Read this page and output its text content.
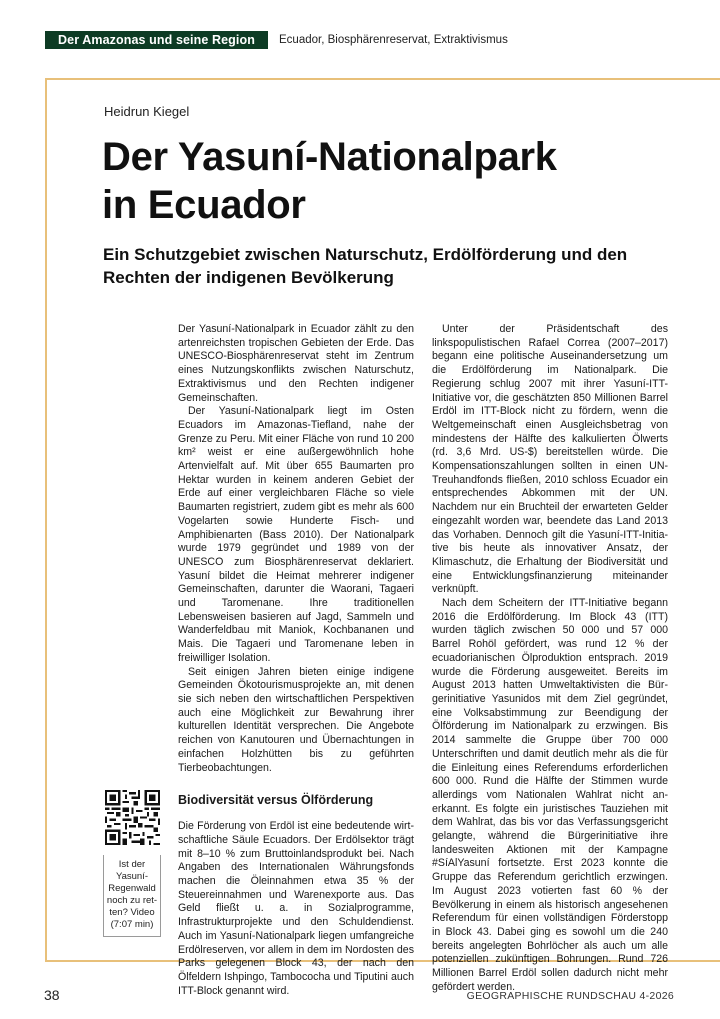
Der Amazonas und seine Region	Ecuador, Biosphärenreservat, Extraktivismus
Heidrun Kiegel
Der Yasuní-Nationalpark
in Ecuador
Ein Schutzgebiet zwischen Naturschutz, Erdölförderung und den Rechten der indigenen Bevölkerung

Der Yasuní-Nationalpark in Ecuador zählt zu den artenreichsten tropischen Gebieten der Erde. Das UNESCO-Biosphärenreservat steht im Zentrum eines Nutzungskonflikts zwischen Naturschutz, Extraktivismus und den Rechten indigener Gemeinschaften.

Der Yasuní-Nationalpark liegt im Osten Ecuadors im Amazonas-Tiefland, nahe der Grenze zu Peru. Mit einer Fläche von rund 10 200 km² weist er eine außergewöhnlich hohe Artenvielfalt auf. Mit über 655 Baumarten pro Hektar wurden in keinem anderen Gebiet der Erde auf einer vergleichbaren Fläche so viele Baumarten registriert, zudem gibt es mehr als 600 Vogelarten sowie Hunderte Fisch- und Amphibienarten (Bass 2010). Der Nationalpark wurde 1979 gegründet und 1989 von der UNESCO zum Biosphärenreservat deklariert. Yasuní bildet die Heimat mehrerer indigener Gemeinschaften, darunter die Waorani, Tagaeri und Taromenane. Ihre traditionellen Lebensweisen basieren auf Jagd, Sammeln und Wanderfeldbau mit Maniok, Kochbananen und Mais. Die Tagaeri und Taromenane leben in freiwilliger Isolation.

Seit einigen Jahren bieten einige indigene Gemeinden Ökotourismusprojekte an, mit denen sie sich neben den wirtschaftlichen Perspektiven auch eine Möglichkeit zur Bewahrung ihrer kulturellen Identität versprechen. Die Angebote reichen von Kanutouren und Übernachtungen in einfachen Holzhütten bis zu geführten Tierbeobachtungen.

Biodiversität versus Ölförderung

Die Förderung von Erdöl ist eine bedeutende wirtschaftliche Säule Ecuadors. Der Erdölsektor trägt mit 8–10 % zum Bruttoinlandsprodukt bei. Nach Angaben des Internationalen Währungsfonds machen die Öleinnahmen etwa 35 % der Steuereinnahmen und Warenexporte aus. Das Geld fließt u. a. in Sozialprogramme, Infrastrukturprojekte und den Schuldendienst. Auch im Yasuní-Nationalpark liegen umfangreiche Erdölreserven, vor allem in dem im Nordosten des Parks gelegenen Block 43, der nach den Ölfeldern Ishpingo, Tambococha und Tiputini auch ITT-Block genannt wird.

Unter der Präsidentschaft des linkspopulistischen Rafael Correa (2007–2017) begann eine politische Auseinandersetzung um die Erdölförderung im Nationalpark. Die Regierung schlug 2007 mit ihrer Yasuní-ITT-Initiative vor, die geschätzten 850 Millionen Barrel Erdöl im ITT-Block nicht zu fördern, wenn die Weltgemeinschaft einen Ausgleichsbetrag von mindestens der Hälfte des kalkulierten Ölwerts (rd. 3,6 Mrd. US-$) bereitstellen würde. Die Kompensationszahlungen sollten in einen UN-Treuhandfonds fließen, 2010 schloss Ecuador ein entsprechendes Abkommen mit der UN. Nachdem nur ein Bruchteil der erwarteten Gelder eingezahlt worden war, beendete das Land 2013 das Vorhaben. Dennoch gilt die Yasuní-ITT-Initiative bis heute als innovativer Ansatz, der Klimaschutz, die Erhaltung der Biodiversität und eine Entwicklungsfinanzierung miteinander verknüpft.

Nach dem Scheitern der ITT-Initiative begann 2016 die Erdölförderung. Im Block 43 (ITT) wurden täglich zwischen 50 000 und 57 000 Barrel Rohöl gefördert, was rund 12 % der ecuadorianischen Ölproduktion entsprach. 2019 wurde die Förderung ausgeweitet. Bereits im August 2013 hatten Umweltaktivisten die Bürgerinitiative Yasunidos mit dem Ziel gegründet, eine Volksabstimmung zur Beendigung der Ölförderung im Nationalpark zu erzwingen. Bis 2014 sammelte die Gruppe über 700 000 Unterschriften und damit deutlich mehr als die für die Einleitung eines Referendums erforderlichen 600 000. Rund die Hälfte der Stimmen wurde allerdings vom Nationalen Wahlrat nicht anerkannt. Es folgte ein juristisches Tauziehen mit dem Wahlrat, das bis vor das Verfassungsgericht gelangte, während die Bürgerinitiative ihre landesweiten Aktionen mit der Kampagne #SíAlYasuní fortsetzte. Erst 2023 konnte die Gruppe das Referendum gerichtlich erzwingen. Im August 2023 votierten fast 60 % der Bevölkerung in einem als historisch angesehenen Referendum für einen vollständigen Förderstopp in Block 43. Dabei ging es sowohl um die 240 bereits angelegten Bohrlöcher als auch um alle potenziellen zukünftigen Bohrungen. Rund 726 Millionen Barrel Erdöl sollen dadurch nicht mehr gefördert werden.

Ist der Yasuní-Regenwald noch zu retten? Video (7:07 min)
38	GEOGRAPHISCHE RUNDSCHAU 4-2026
